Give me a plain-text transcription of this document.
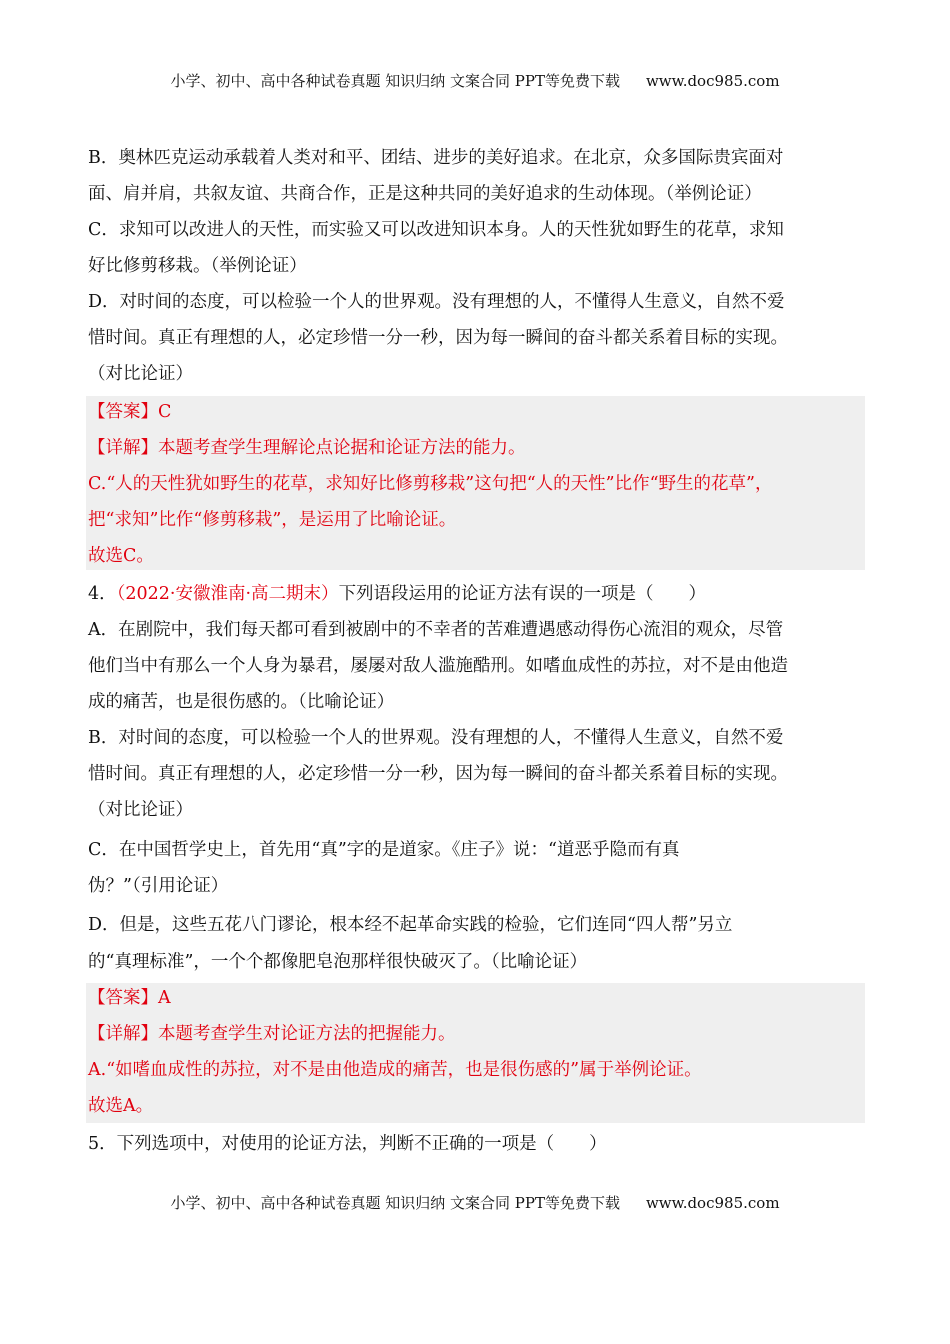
小学、初中、高中各种试卷真题 知识归纳 文案合同 PPT等免费下载 www.doc985.com
B．奥林匹克运动承载着人类对和平、团结、进步的美好追求。在北京，众多国际贵宾面对
面、肩并肩，共叙友谊、共商合作，正是这种共同的美好追求的生动体现。（举例论证）
C．求知可以改进人的天性，而实验又可以改进知识本身。人的天性犹如野生的花草，求知
好比修剪移栽。（举例论证）
D．对时间的态度，可以检验一个人的世界观。没有理想的人，不懂得人生意义，自然不爱
惜时间。真正有理想的人，必定珍惜一分一秒，因为每一瞬间的奋斗都关系着目标的实现。
（对比论证）
【答案】C
【详解】本题考查学生理解论点论据和论证方法的能力。
C.“人的天性犹如野生的花草，求知好比修剪移栽”这句把“人的天性”比作“野生的花草”，
把“求知”比作“修剪移栽”，是运用了比喻论证。
故选C。
4．（2022·安徽淮南·高二期末）下列语段运用的论证方法有误的一项是（　　）
A．在剧院中，我们每天都可看到被剧中的不幸者的苦难遭遇感动得伤心流泪的观众，尽管
他们当中有那么一个人身为暴君，屡屡对敌人滥施酷刑。如嗜血成性的苏拉，对不是由他造
成的痛苦，也是很伤感的。（比喻论证）
B．对时间的态度，可以检验一个人的世界观。没有理想的人，不懂得人生意义，自然不爱
惜时间。真正有理想的人，必定珍惜一分一秒，因为每一瞬间的奋斗都关系着目标的实现。
（对比论证）
C．在中国哲学史上，首先用“真”字的是道家。《庄子》说：“道恶乎隐而有真
伪？”（引用论证）
D．但是，这些五花八门谬论，根本经不起革命实践的检验，它们连同“四人帮”另立
的“真理标准”，一个个都像肥皂泡那样很快破灭了。（比喻论证）
【答案】A
【详解】本题考查学生对论证方法的把握能力。
A.“如嗜血成性的苏拉，对不是由他造成的痛苦，也是很伤感的”属于举例论证。
故选A。
5．下列选项中，对使用的论证方法，判断不正确的一项是（　　）
小学、初中、高中各种试卷真题 知识归纳 文案合同 PPT等免费下载 www.doc985.com
